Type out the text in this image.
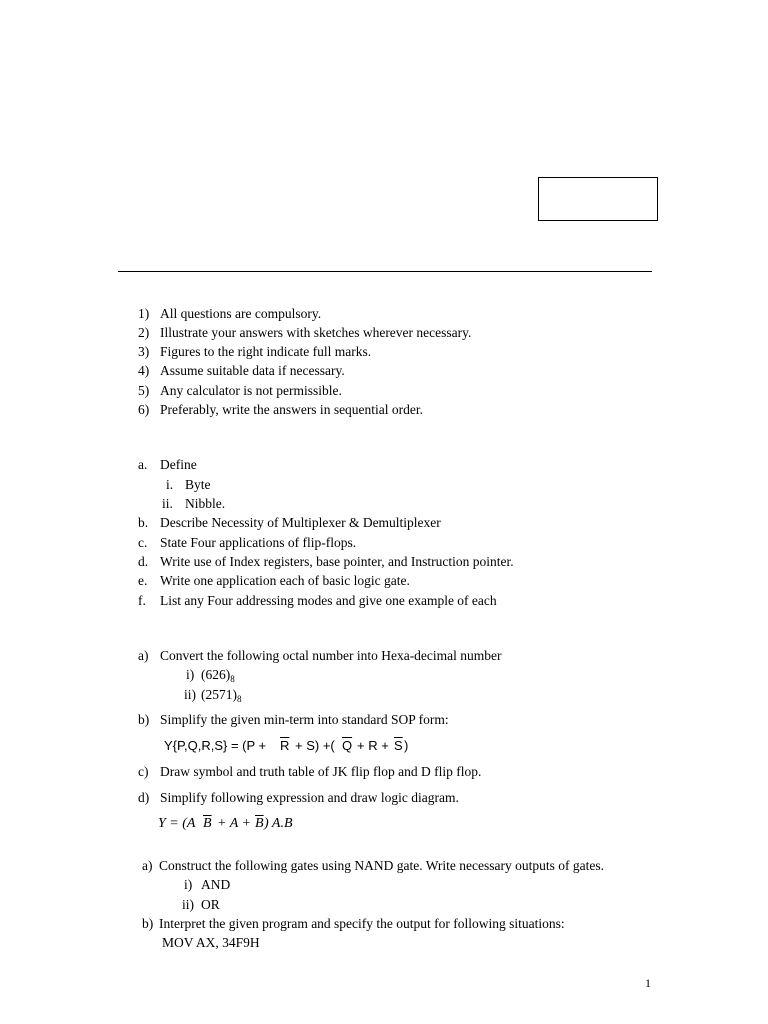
1) All questions are compulsory.
2) Illustrate your answers with sketches wherever necessary.
3) Figures to the right indicate full marks.
4) Assume suitable data if necessary.
5) Any calculator is not permissible.
6) Preferably, write the answers in sequential order.
a. Define
i. Byte
ii. Nibble.
b. Describe Necessity of Multiplexer & Demultiplexer
c. State Four applications of flip-flops.
d. Write use of Index registers, base pointer, and Instruction pointer.
e. Write one application each of basic logic gate.
f. List any Four addressing modes and give one example of each
a) Convert the following octal number into Hexa-decimal number
i) $(626)_8$
ii) $(2571)_8$
b) Simplify the given min-term into standard SOP form:
$Y\{P,Q,R,S\} = (P + \overline{R} + S)$ +( $\overline{Q} + R + \overline{S}$ )
c) Draw symbol and truth table of JK flip flop and D flip flop.
d) Simplify following expression and draw logic diagram.
Y = (A $\overline{B} + A + \overline{B}$ ) A.B
a) Construct the following gates using NAND gate. Write necessary outputs of gates.
i) AND
ii) OR
b) Interpret the given program and specify the output for following situations:
MOV AX, 34F9H
1
